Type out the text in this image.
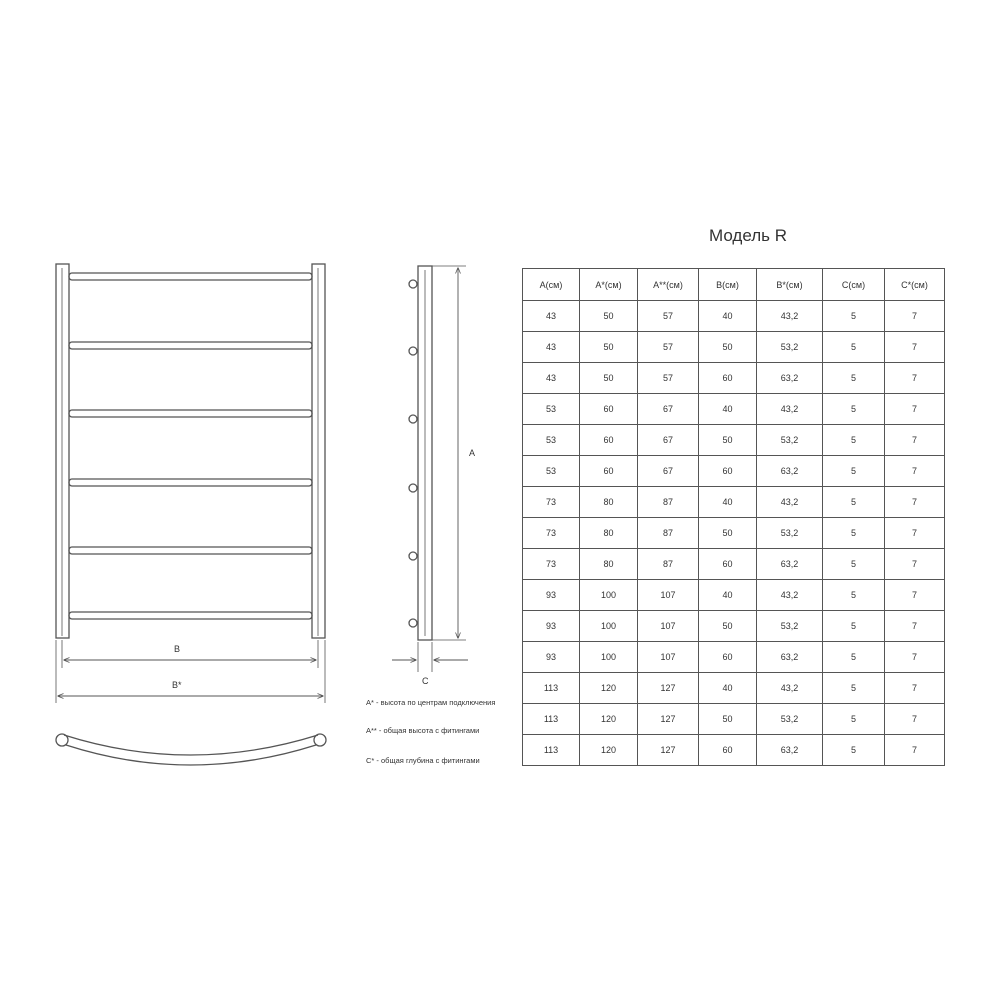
B
B*
A
C
А* - высота по центрам подключения
А** - общая высота с фитингами
С* - общая глубина с фитингами
Модель R
A(см)	A*(см)	A**(см)	B(см)	B*(см)	C(см)	C*(см)
43	50	57	40	43,2	5	7
43	50	57	50	53,2	5	7
43	50	57	60	63,2	5	7
53	60	67	40	43,2	5	7
53	60	67	50	53,2	5	7
53	60	67	60	63,2	5	7
73	80	87	40	43,2	5	7
73	80	87	50	53,2	5	7
73	80	87	60	63,2	5	7
93	100	107	40	43,2	5	7
93	100	107	50	53,2	5	7
93	100	107	60	63,2	5	7
113	120	127	40	43,2	5	7
113	120	127	50	53,2	5	7
113	120	127	60	63,2	5	7
